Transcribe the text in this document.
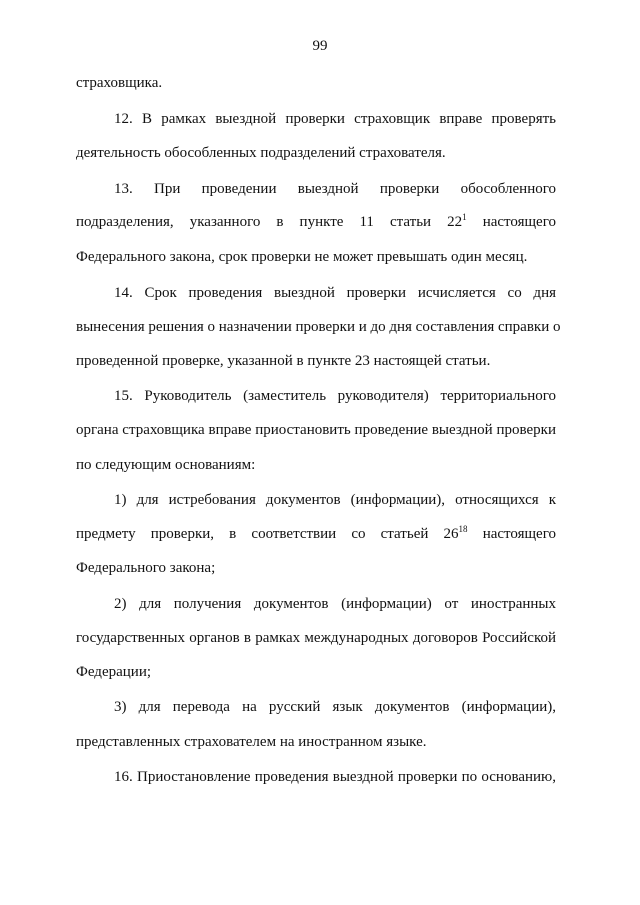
99
страховщика.
12. В рамках выездной проверки страховщик вправе проверять
деятельность обособленных подразделений страхователя.
13. При проведении выездной проверки обособленного
подразделения, указанного в пункте 11 статьи $22^1$ настоящего
Федерального закона, срок проверки не может превышать один месяц.
14. Срок проведения выездной проверки исчисляется со дня
вынесения решения о назначении проверки и до дня составления справки о
проведенной проверке, указанной в пункте 23 настоящей статьи.
15. Руководитель (заместитель руководителя) территориального
органа страховщика вправе приостановить проведение выездной проверки
по следующим основаниям:
1) для истребования документов (информации), относящихся к
предмету проверки, в соответствии со статьей $26^{18}$ настоящего
Федерального закона;
2) для получения документов (информации) от иностранных
государственных органов в рамках международных договоров Российской
Федерации;
3) для перевода на русский язык документов (информации),
представленных страхователем на иностранном языке.
16. Приостановление проведения выездной проверки по основанию,
